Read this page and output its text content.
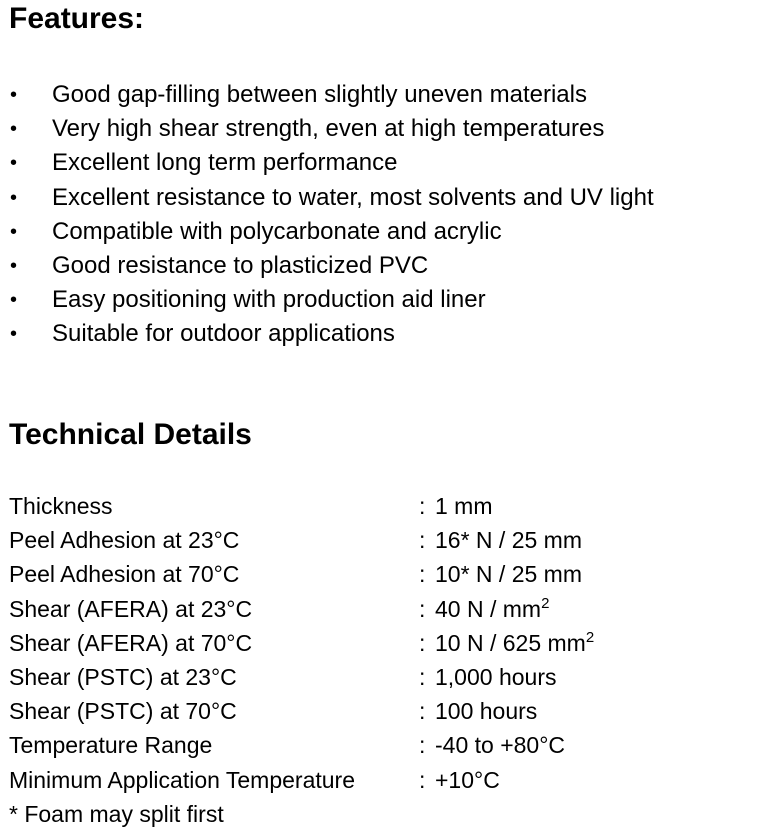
Features:
• Good gap-filling between slightly uneven materials
• Very high shear strength, even at high temperatures
• Excellent long term performance
• Excellent resistance to water, most solvents and UV light
• Compatible with polycarbonate and acrylic
• Good resistance to plasticized PVC
• Easy positioning with production aid liner
• Suitable for outdoor applications
Technical Details
Thickness	: 1 mm
Peel Adhesion at 23°C	: 16* N / 25 mm
Peel Adhesion at 70°C	: 10* N / 25 mm
Shear (AFERA) at 23°C	: 40 N / $mm^2$
Shear (AFERA) at 70°C	: 10 N / 625 $mm^2$
Shear (PSTC) at 23°C	: 1,000 hours
Shear (PSTC) at 70°C	: 100 hours
Temperature Range	: -40 to +80°C
Minimum Application Temperature	: +10°C
* Foam may split first
